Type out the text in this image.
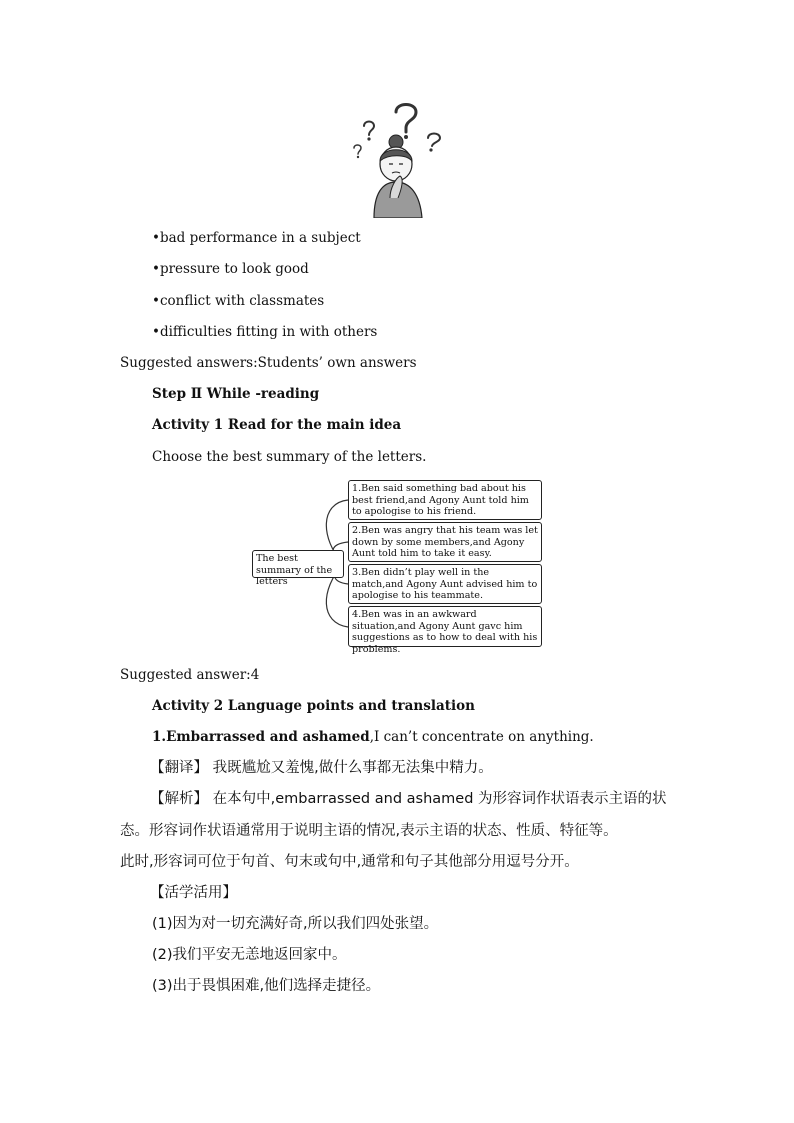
•bad performance in a subject
•pressure to look good
•conflict with classmates
•difficulties fitting in with others
Suggested answers:Students’ own answers
Step Ⅱ While -reading
Activity 1 Read for the main idea
Choose the best summary of the letters.
The best summary of the letters
1.Ben said something bad about his best friend,and Agony Aunt told him to apologise to his friend.
2.Ben was angry that his team was let down by some members,and Agony Aunt told him to take it easy.
3.Ben didn’t play well in the match,and Agony Aunt advised him to apologise to his teammate.
4.Ben was in an awkward situation,and Agony Aunt gavc him suggestions as to how to deal with his problems.
Suggested answer:4
Activity 2 Language points and translation
1.Embarrassed and ashamed,I can’t concentrate on anything.
【翻译】 我既尴尬又羞愧,做什么事都无法集中精力。
【解析】 在本句中,embarrassed and ashamed 为形容词作状语表示主语的状
态。形容词作状语通常用于说明主语的情况,表示主语的状态、性质、特征等。
此时,形容词可位于句首、句末或句中,通常和句子其他部分用逗号分开。
【活学活用】
(1)因为对一切充满好奇,所以我们四处张望。
(2)我们平安无恙地返回家中。
(3)出于畏惧困难,他们选择走捷径。
